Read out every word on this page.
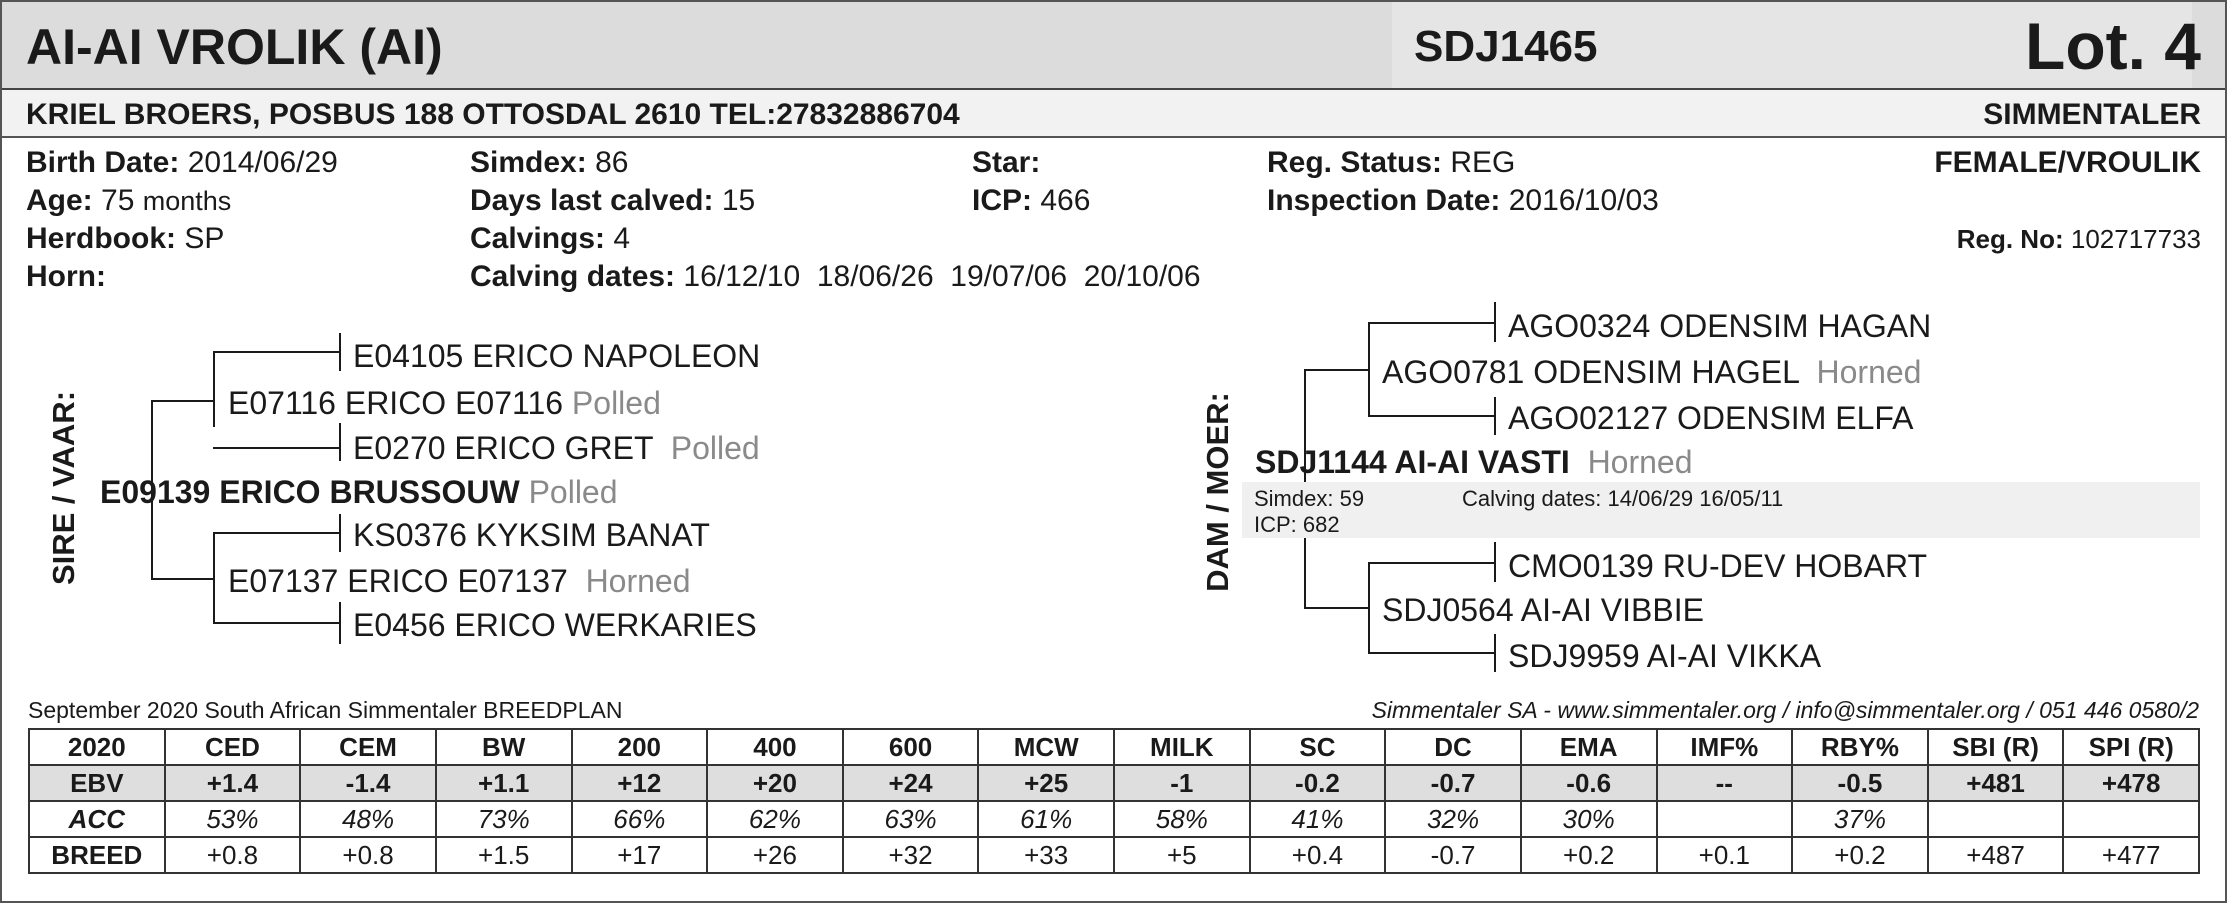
AI-AI VROLIK (AI)	SDJ1465	Lot. 4
KRIEL BROERS, POSBUS 188 OTTOSDAL 2610 TEL:27832886704	SIMMENTALER
Birth Date: 2014/06/29
Age: 75 months
Herdbook: SP
Horn:
Simdex: 86
Days last calved: 15
Calvings: 4
Calving dates: 16/12/10  18/06/26  19/07/06  20/10/06
Star:
ICP: 466
Reg. Status: REG
Inspection Date: 2016/10/03
FEMALE/VROULIK
Reg. No: 102717733
SIRE / VAAR:
E04105 ERICO NAPOLEON
E07116 ERICO E07116 Polled
E0270 ERICO GRET Polled
E09139 ERICO BRUSSOUW Polled
KS0376 KYKSIM BANAT
E07137 ERICO E07137 Horned
E0456 ERICO WERKARIES
DAM / MOER: Simdex: 59
ICP: 682
Calving dates: 14/06/29 16/05/11
AGO0324 ODENSIM HAGAN
AGO0781 ODENSIM HAGEL Horned
AGO02127 ODENSIM ELFA
SDJ1144 AI-AI VASTI Horned
CMO0139 RU-DEV HOBART
SDJ0564 AI-AI VIBBIE
SDJ9959 AI-AI VIKKA
September 2020 South African Simmentaler BREEDPLAN	Simmentaler SA - www.simmentaler.org / info@simmentaler.org / 051 446 0580/2
2020	CED	CEM	BW	200	400	600	MCW	MILK	SC	DC	EMA	IMF%	RBY%	SBI (R)	SPI (R)
EBV	+1.4	-1.4	+1.1	+12	+20	+24	+25	-1	-0.2	-0.7	-0.6	--	-0.5	+481	+478
ACC	53%	48%	73%	66%	62%	63%	61%	58%	41%	32%	30%		37%		
BREED	+0.8	+0.8	+1.5	+17	+26	+32	+33	+5	+0.4	-0.7	+0.2	+0.1	+0.2	+487	+477
